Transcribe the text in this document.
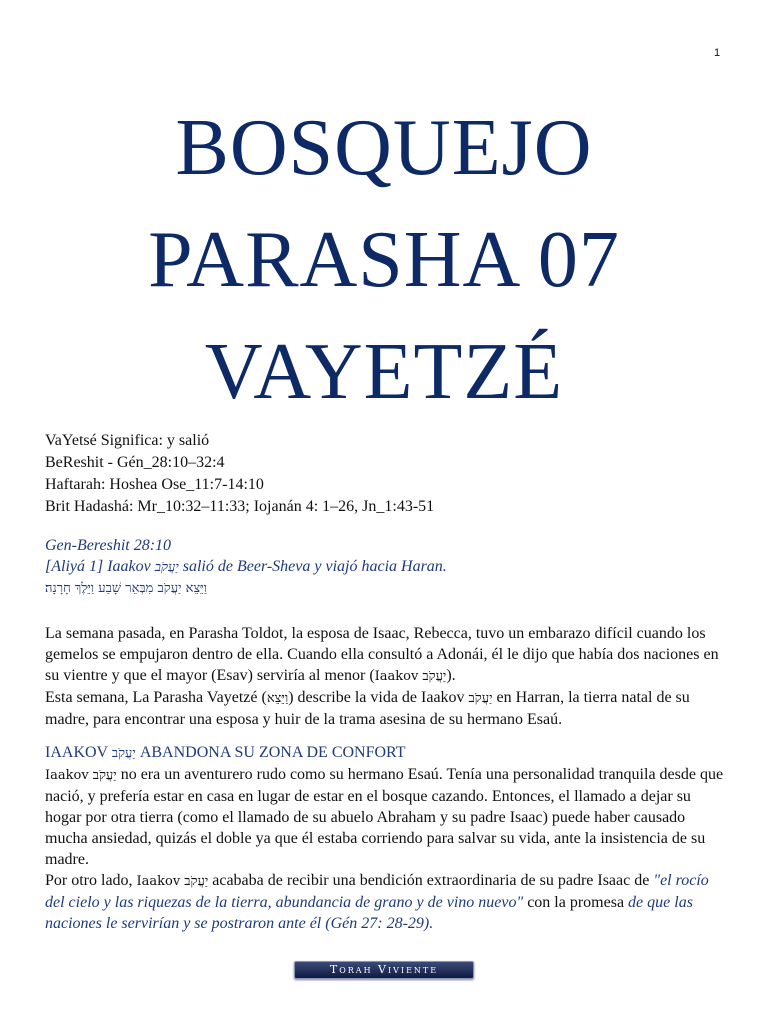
1
BOSQUEJO
PARASHA 07
VAYETZÉ

VaYetsé Significa: y salió

BeReshit - Gén_28:10–32:4

Haftarah: Hoshea Ose_11:7-14:10

Brit Hadashá: Mr_10:32–11:33; Iojanán 4: 1–26, Jn_1:43-51

Gen-Bereshit 28:10

[Aliyá 1] Iaakov יַעֲקֹב salió de Beer-Sheva y viajó hacia Haran.

וַיֵּצֵא יַעֲקֹב מִבְּאֵר שָׁבַע וַיֵּלֶךְ חָרָנָה׃

La semana pasada, en Parasha Toldot, la esposa de Isaac, Rebecca, tuvo un embarazo difícil cuando los gemelos se empujaron dentro de ella. Cuando ella consultó a Adonái, él le dijo que había dos naciones en su vientre y que el mayor (Esav) serviría al menor (Iaakov יַעֲקֹב).

Esta semana, La Parasha Vayetzé (וַיֵּצֵא) describe la vida de Iaakov יַעֲקֹב en Harran, la tierra natal de su madre, para encontrar una esposa y huir de la trama asesina de su hermano Esaú.

IAAKOV יַעֲקֹב ABANDONA SU ZONA DE CONFORT

Iaakov יַעֲקֹב no era un aventurero rudo como su hermano Esaú. Tenía una personalidad tranquila desde que nació, y prefería estar en casa en lugar de estar en el bosque cazando. Entonces, el llamado a dejar su hogar por otra tierra (como el llamado de su abuelo Abraham y su padre Isaac) puede haber causado mucha ansiedad, quizás el doble ya que él estaba corriendo para salvar su vida, ante la insistencia de su madre.

Por otro lado, Iaakov יַעֲקֹב acababa de recibir una bendición extraordinaria de su padre Isaac de "el rocío del cielo y las riquezas de la tierra, abundancia de grano y de vino nuevo" con la promesa de que las naciones le servirían y se postraron ante él (Gén 27: 28-29).

Torah Viviente
